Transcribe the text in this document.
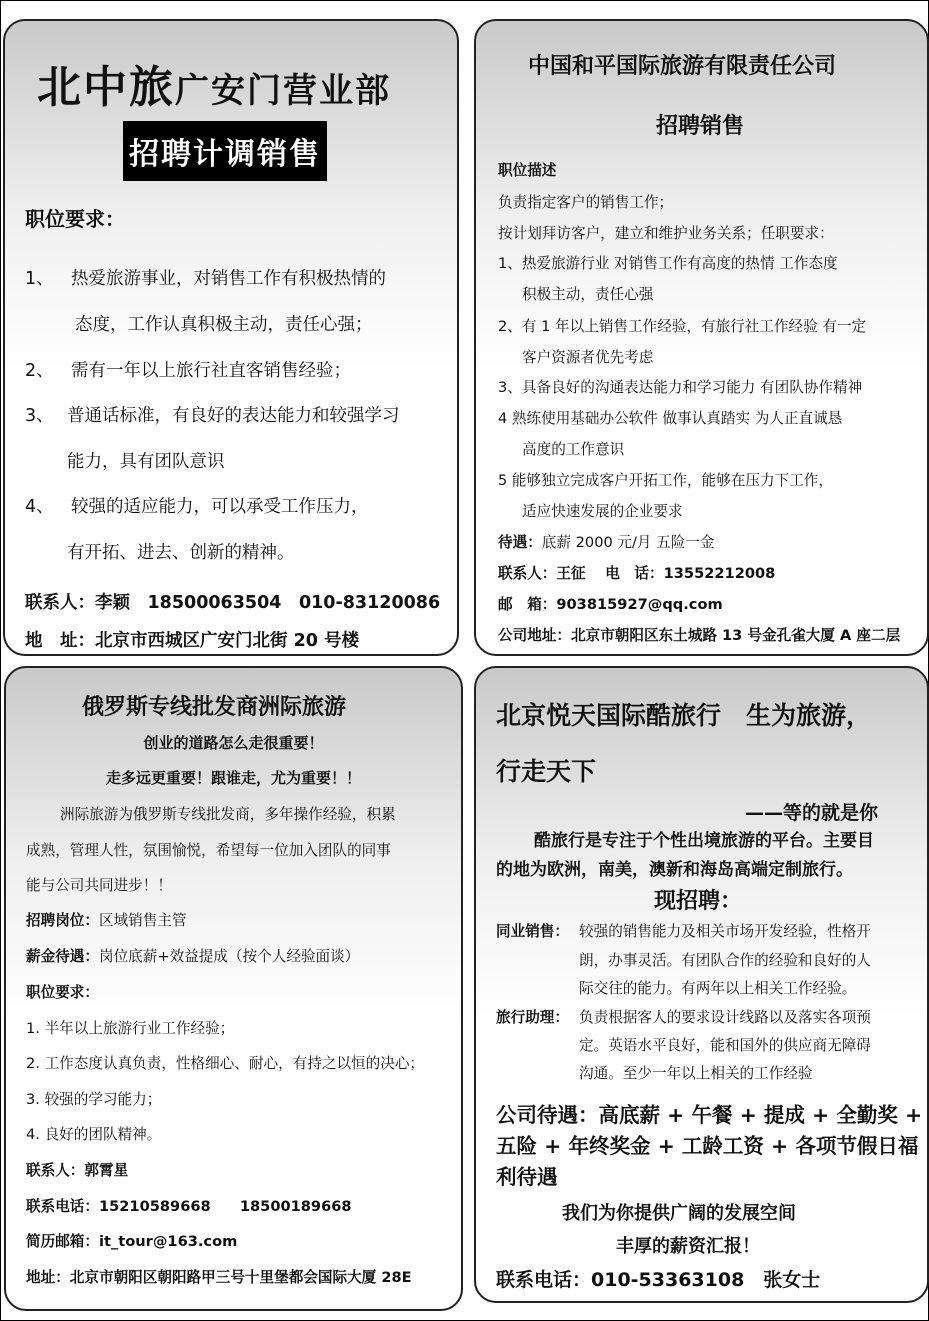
北中旅广安门营业部
招聘计调销售
职位要求：
1、 热爱旅游事业，对销售工作有积极热情的
态度，工作认真积极主动，责任心强；
2、 需有一年以上旅行社直客销售经验；
3、 普通话标准，有良好的表达能力和较强学习
能力，具有团队意识
4、 较强的适应能力，可以承受工作压力，
有开拓、进去、创新的精神。
联系人：李颖　18500063504　010-83120086
地　址：北京市西城区广安门北街 20 号楼
中国和平国际旅游有限责任公司
招聘销售
职位描述
负责指定客户的销售工作；
按计划拜访客户，建立和维护业务关系；任职要求：
1、热爱旅游行业 对销售工作有高度的热情 工作态度
积极主动，责任心强
2、有 1 年以上销售工作经验，有旅行社工作经验 有一定
客户资源者优先考虑
3、具备良好的沟通表达能力和学习能力 有团队协作精神
4 熟练使用基础办公软件 做事认真踏实 为人正直诚恳
高度的工作意识
5 能够独立完成客户开拓工作，能够在压力下工作，
适应快速发展的企业要求
待遇：底薪 2000 元/月 五险一金
联系人：王征　 电　话：13552212008
邮　箱：903815927@qq.com
公司地址：北京市朝阳区东土城路 13 号金孔雀大厦 A 座二层
俄罗斯专线批发商洲际旅游
创业的道路怎么走很重要！
走多远更重要！跟谁走，尤为重要！！
洲际旅游为俄罗斯专线批发商，多年操作经验，积累
成熟，管理人性，氛围愉悦，希望每一位加入团队的同事
能与公司共同进步！！
招聘岗位：区域销售主管
薪金待遇：岗位底薪+效益提成（按个人经验面谈）
职位要求：
1. 半年以上旅游行业工作经验；
2. 工作态度认真负责，性格细心、耐心，有持之以恒的决心；
3. 较强的学习能力；
4. 良好的团队精神。
联系人：郭霄星
联系电话：15210589668　　18500189668
简历邮箱：it_tour@163.com
地址：北京市朝阳区朝阳路甲三号十里堡都会国际大厦 28E
北京悦天国际酷旅行　生为旅游，
行走天下
——等的就是你
酷旅行是专注于个性出境旅游的平台。主要目
的地为欧洲，南美，澳新和海岛高端定制旅行。
现招聘：
同业销售： 较强的销售能力及相关市场开发经验，性格开
朗，办事灵活。有团队合作的经验和良好的人
际交往的能力。有两年以上相关工作经验。
旅行助理： 负责根据客人的要求设计线路以及落实各项预
定。英语水平良好，能和国外的供应商无障碍
沟通。至少一年以上相关的工作经验
公司待遇：高底薪 + 午餐 + 提成 + 全勤奖 +
五险 + 年终奖金 + 工龄工资 + 各项节假日福
利待遇
我们为你提供广阔的发展空间
丰厚的薪资汇报！
联系电话：010-53363108　张女士
